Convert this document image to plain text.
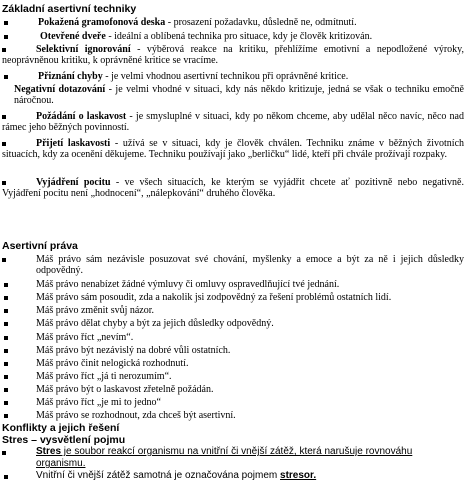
Základní asertivní techniky
Pokažená gramofonová deska - prosazení požadavku, důsledně ne, odmítnutí.
Otevřené dveře - ideální a oblíbená technika pro situace, kdy je člověk kritizován.
Selektivní ignorování - výběrová reakce na kritiku, přehlížíme emotivní a nepodložené výroky, neoprávněnou kritiku, k oprávněné kritice se vracíme.
Přiznání chyby - je velmi vhodnou asertivní technikou při oprávněné kritice.
Negativní dotazování - je velmi vhodné v situaci, kdy nás někdo kritizuje, jedná se však o techniku emočně náročnou.
Požádání o laskavost - je smysluplné v situaci, kdy po někom chceme, aby udělal něco navíc, něco nad rámec jeho běžných povinností.
Přijetí laskavosti - užívá se v situaci, kdy je člověk chválen. Techniku známe v běžných životních situacích, kdy za ocenění děkujeme. Techniku používají jako „berličku“ lidé, kteří při chvále prožívají rozpaky.
Vyjádření pocitu - ve všech situacích, ke kterým se vyjádřit chcete ať pozitivně nebo negativně. Vyjádření pocitu není „hodnocení“, „nálepkování“ druhého člověka.
Asertivní práva
Máš právo sám nezávisle posuzovat své chování, myšlenky a emoce a být za ně i jejich důsledky odpovědný.
Máš právo nenabízet žádné výmluvy či omluvy ospravedlňující tvé jednání.
Máš právo sám posoudit, zda a nakolik jsi zodpovědný za řešení problémů ostatních lidí.
Máš právo změnit svůj názor.
Máš právo dělat chyby a být za jejich důsledky odpovědný.
Máš právo říct „nevím“.
Máš právo být nezávislý na dobré vůli ostatních.
Máš právo činit nelogická rozhodnutí.
Máš právo říct „já ti nerozumím“.
Máš právo být o laskavost zřetelně požádán.
Máš právo říct „je mi to jedno“
Máš právo se rozhodnout, zda chceš být asertivní.
Konflikty a jejich řešení
Stres – vysvětlení pojmu
Stres je soubor reakcí organismu na vnitřní či vnější zátěž, která narušuje rovnováhu organismu.
Vnitřní či vnější zátěž samotná je označována pojmem stresor.
